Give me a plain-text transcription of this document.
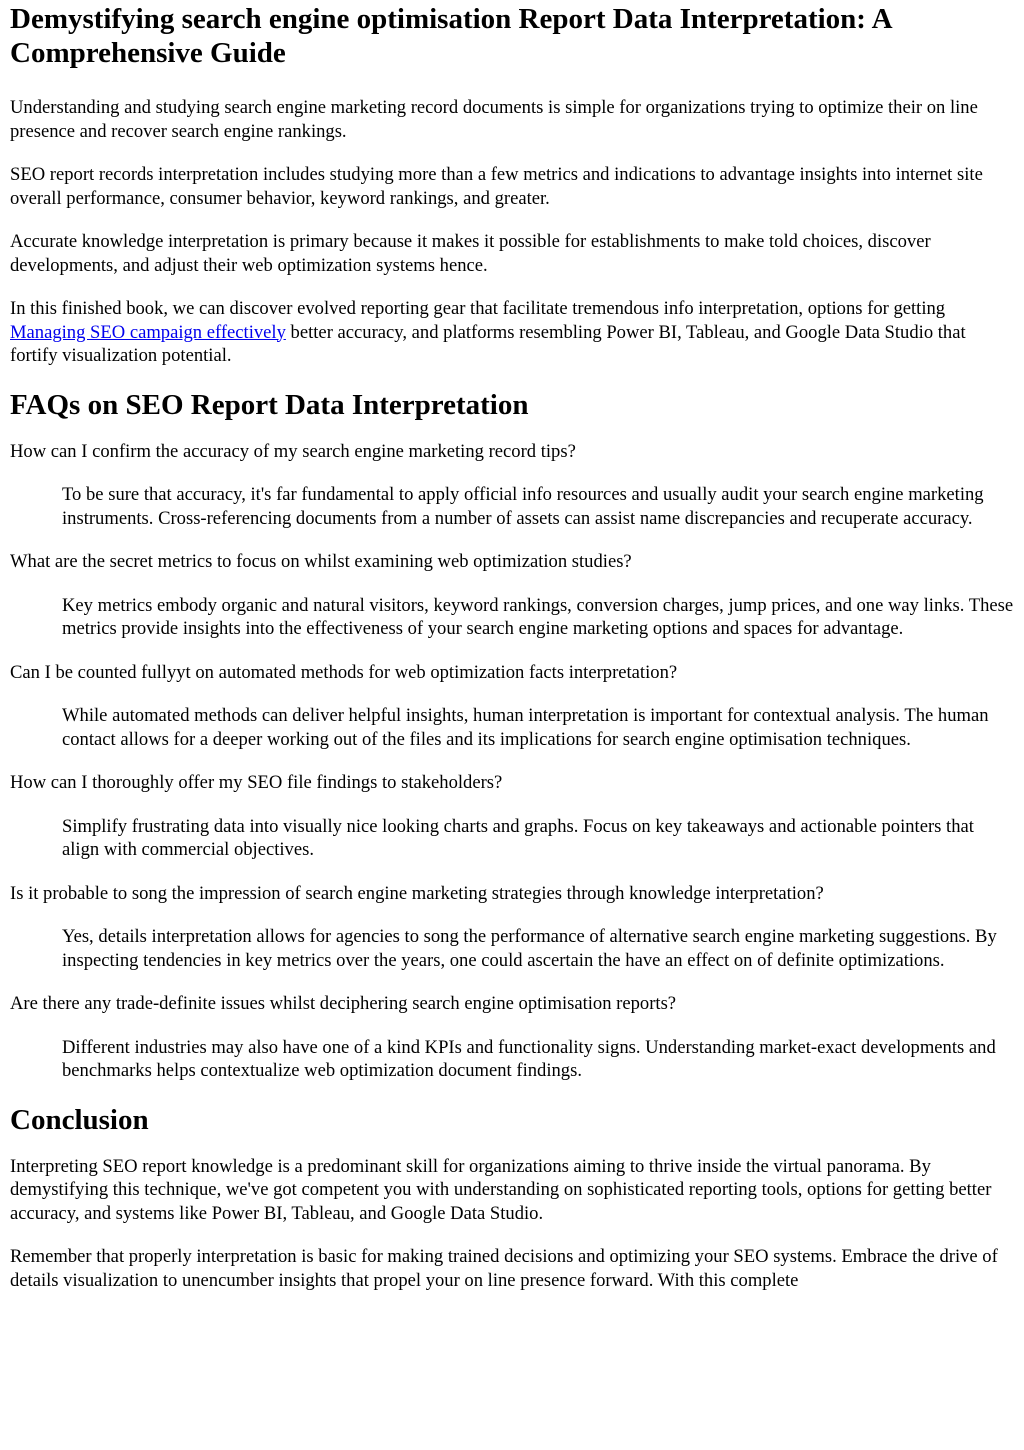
Demystifying search engine optimisation Report Data Interpretation: A Comprehensive Guide

Understanding and studying search engine marketing record documents is simple for organizations trying to optimize their on line presence and recover search engine rankings.

SEO report records interpretation includes studying more than a few metrics and indications to advantage insights into internet site overall performance, consumer behavior, keyword rankings, and greater.

Accurate knowledge interpretation is primary because it makes it possible for establishments to make told choices, discover developments, and adjust their web optimization systems hence.

In this finished book, we can discover evolved reporting gear that facilitate tremendous info interpretation, options for getting Managing SEO campaign effectively better accuracy, and platforms resembling Power BI, Tableau, and Google Data Studio that fortify visualization potential.

FAQs on SEO Report Data Interpretation

How can I confirm the accuracy of my search engine marketing record tips?

To be sure that accuracy, it's far fundamental to apply official info resources and usually audit your search engine marketing instruments. Cross-referencing documents from a number of assets can assist name discrepancies and recuperate accuracy.

What are the secret metrics to focus on whilst examining web optimization studies?

Key metrics embody organic and natural visitors, keyword rankings, conversion charges, jump prices, and one way links. These metrics provide insights into the effectiveness of your search engine marketing options and spaces for advantage.

Can I be counted fullyyt on automated methods for web optimization facts interpretation?

While automated methods can deliver helpful insights, human interpretation is important for contextual analysis. The human contact allows for a deeper working out of the files and its implications for search engine optimisation techniques.

How can I thoroughly offer my SEO file findings to stakeholders?

Simplify frustrating data into visually nice looking charts and graphs. Focus on key takeaways and actionable pointers that align with commercial objectives.

Is it probable to song the impression of search engine marketing strategies through knowledge interpretation?

Yes, details interpretation allows for agencies to song the performance of alternative search engine marketing suggestions. By inspecting tendencies in key metrics over the years, one could ascertain the have an effect on of definite optimizations.

Are there any trade-definite issues whilst deciphering search engine optimisation reports?

Different industries may also have one of a kind KPIs and functionality signs. Understanding market-exact developments and benchmarks helps contextualize web optimization document findings.

Conclusion

Interpreting SEO report knowledge is a predominant skill for organizations aiming to thrive inside the virtual panorama. By demystifying this technique, we've got competent you with understanding on sophisticated reporting tools, options for getting better accuracy, and systems like Power BI, Tableau, and Google Data Studio.

Remember that properly interpretation is basic for making trained decisions and optimizing your SEO systems. Embrace the drive of details visualization to unencumber insights that propel your on line presence forward. With this complete
